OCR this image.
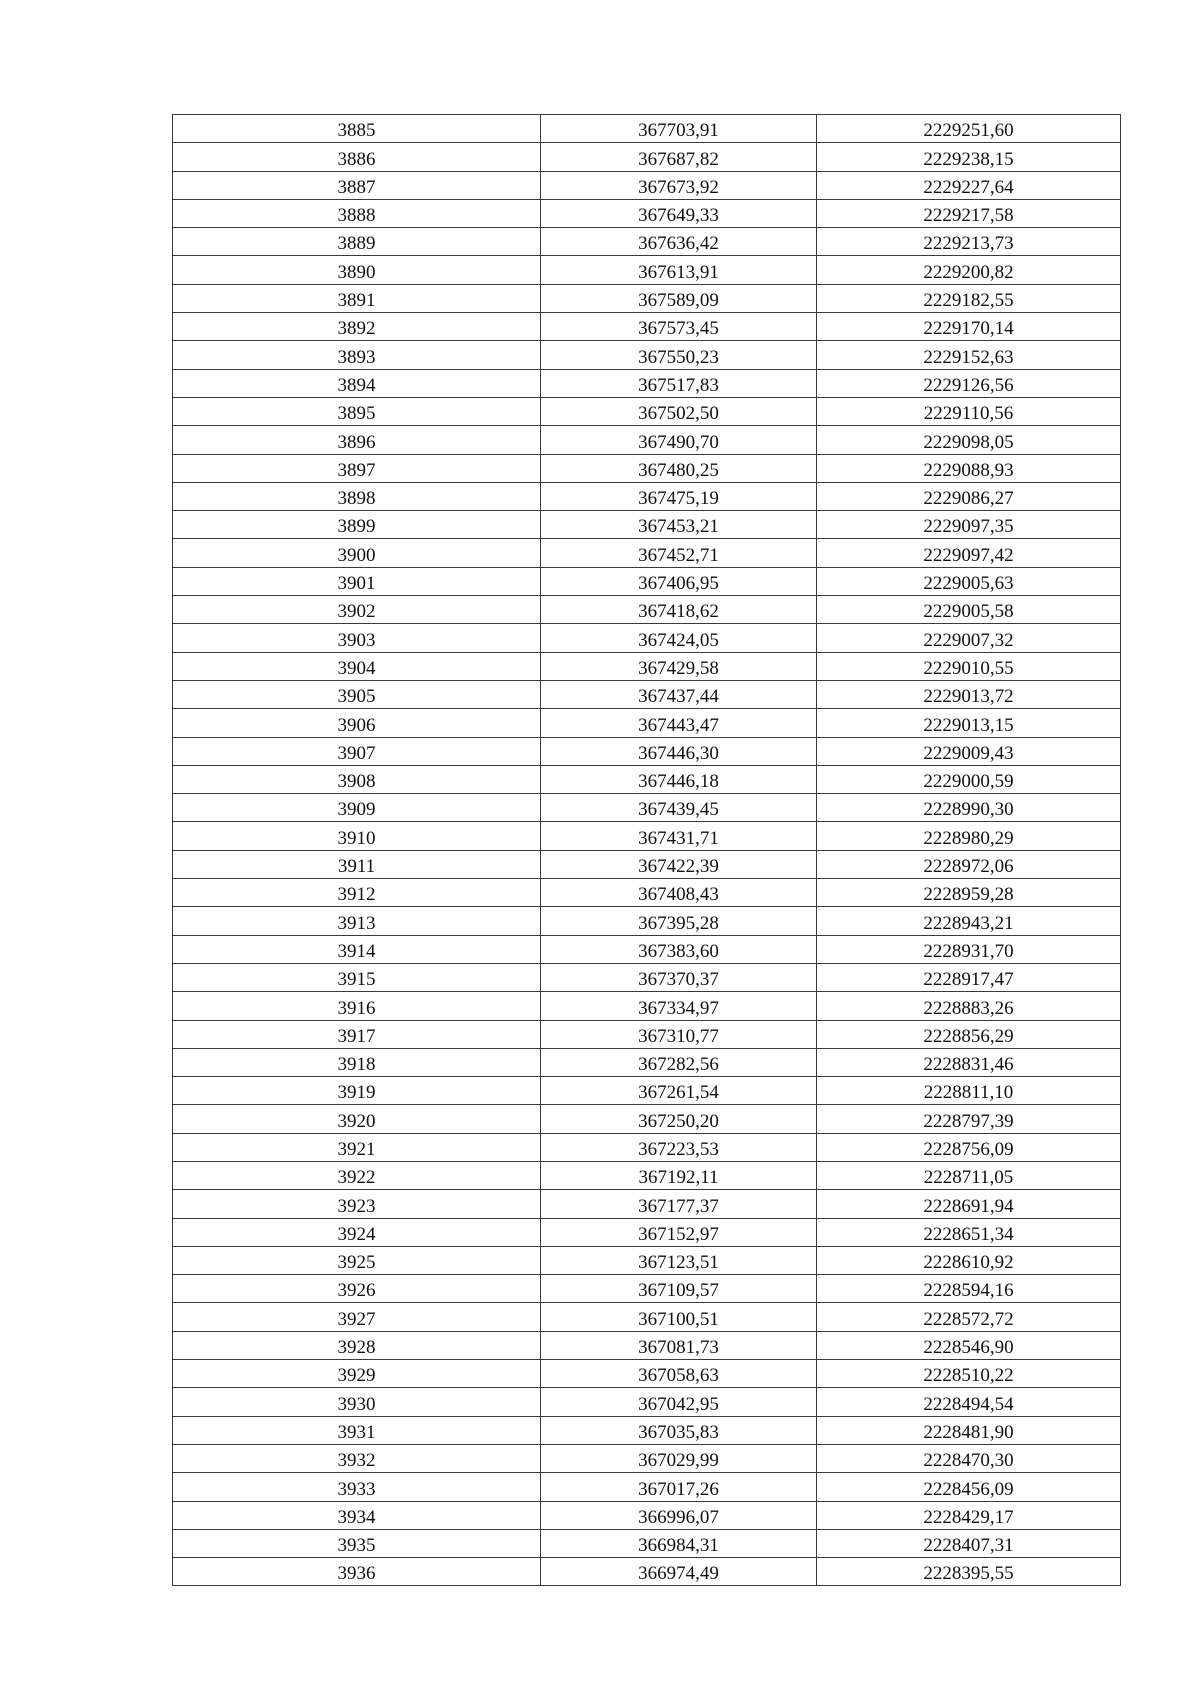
3885	367703,91	2229251,60
3886	367687,82	2229238,15
3887	367673,92	2229227,64
3888	367649,33	2229217,58
3889	367636,42	2229213,73
3890	367613,91	2229200,82
3891	367589,09	2229182,55
3892	367573,45	2229170,14
3893	367550,23	2229152,63
3894	367517,83	2229126,56
3895	367502,50	2229110,56
3896	367490,70	2229098,05
3897	367480,25	2229088,93
3898	367475,19	2229086,27
3899	367453,21	2229097,35
3900	367452,71	2229097,42
3901	367406,95	2229005,63
3902	367418,62	2229005,58
3903	367424,05	2229007,32
3904	367429,58	2229010,55
3905	367437,44	2229013,72
3906	367443,47	2229013,15
3907	367446,30	2229009,43
3908	367446,18	2229000,59
3909	367439,45	2228990,30
3910	367431,71	2228980,29
3911	367422,39	2228972,06
3912	367408,43	2228959,28
3913	367395,28	2228943,21
3914	367383,60	2228931,70
3915	367370,37	2228917,47
3916	367334,97	2228883,26
3917	367310,77	2228856,29
3918	367282,56	2228831,46
3919	367261,54	2228811,10
3920	367250,20	2228797,39
3921	367223,53	2228756,09
3922	367192,11	2228711,05
3923	367177,37	2228691,94
3924	367152,97	2228651,34
3925	367123,51	2228610,92
3926	367109,57	2228594,16
3927	367100,51	2228572,72
3928	367081,73	2228546,90
3929	367058,63	2228510,22
3930	367042,95	2228494,54
3931	367035,83	2228481,90
3932	367029,99	2228470,30
3933	367017,26	2228456,09
3934	366996,07	2228429,17
3935	366984,31	2228407,31
3936	366974,49	2228395,55
